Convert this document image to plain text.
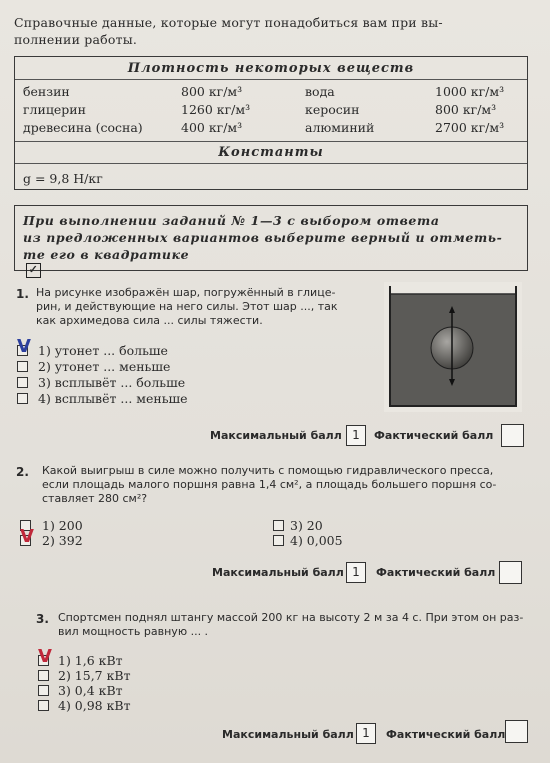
Справочные данные, которые могут понадобиться вам при вы-
полнении работы.
Плотность некоторых веществ
бензин	800 кг/м³	вода	1000 кг/м³
глицерин	1260 кг/м³	керосин	800 кг/м³
древесина (сосна)	400 кг/м³	алюминий	2700 кг/м³
Константы
g = 9,8 Н/кг
При выполнении заданий № 1—3 с выбором ответа
из предложенных вариантов выберите верный и отметь-
те его в квадратике
✓
1. На рисунке изображён шар, погружённый в глице-
рин, и действующие на него силы. Этот шар ..., так
как архимедова сила ... силы тяжести.
1) утонет ... больше
2) утонет ... меньше
3) всплывёт ... больше
4) всплывёт ... меньше
V
Максимальный балл 1	Фактический балл
2. Какой выигрыш в силе можно получить с помощью гидравлического пресса,
если площадь малого поршня равна 1,4 см², а площадь большего поршня со-
ставляет 280 см²?
1) 200
2) 392
3) 20
4) 0,005
V
Максимальный балл 1	Фактический балл
3. Спортсмен поднял штангу массой 200 кг на высоту 2 м за 4 с. При этом он раз-
вил мощность равную ... .
1) 1,6 кВт
2) 15,7 кВт
3) 0,4 кВт
4) 0,98 кВт
V
Максимальный балл 1	Фактический балл
